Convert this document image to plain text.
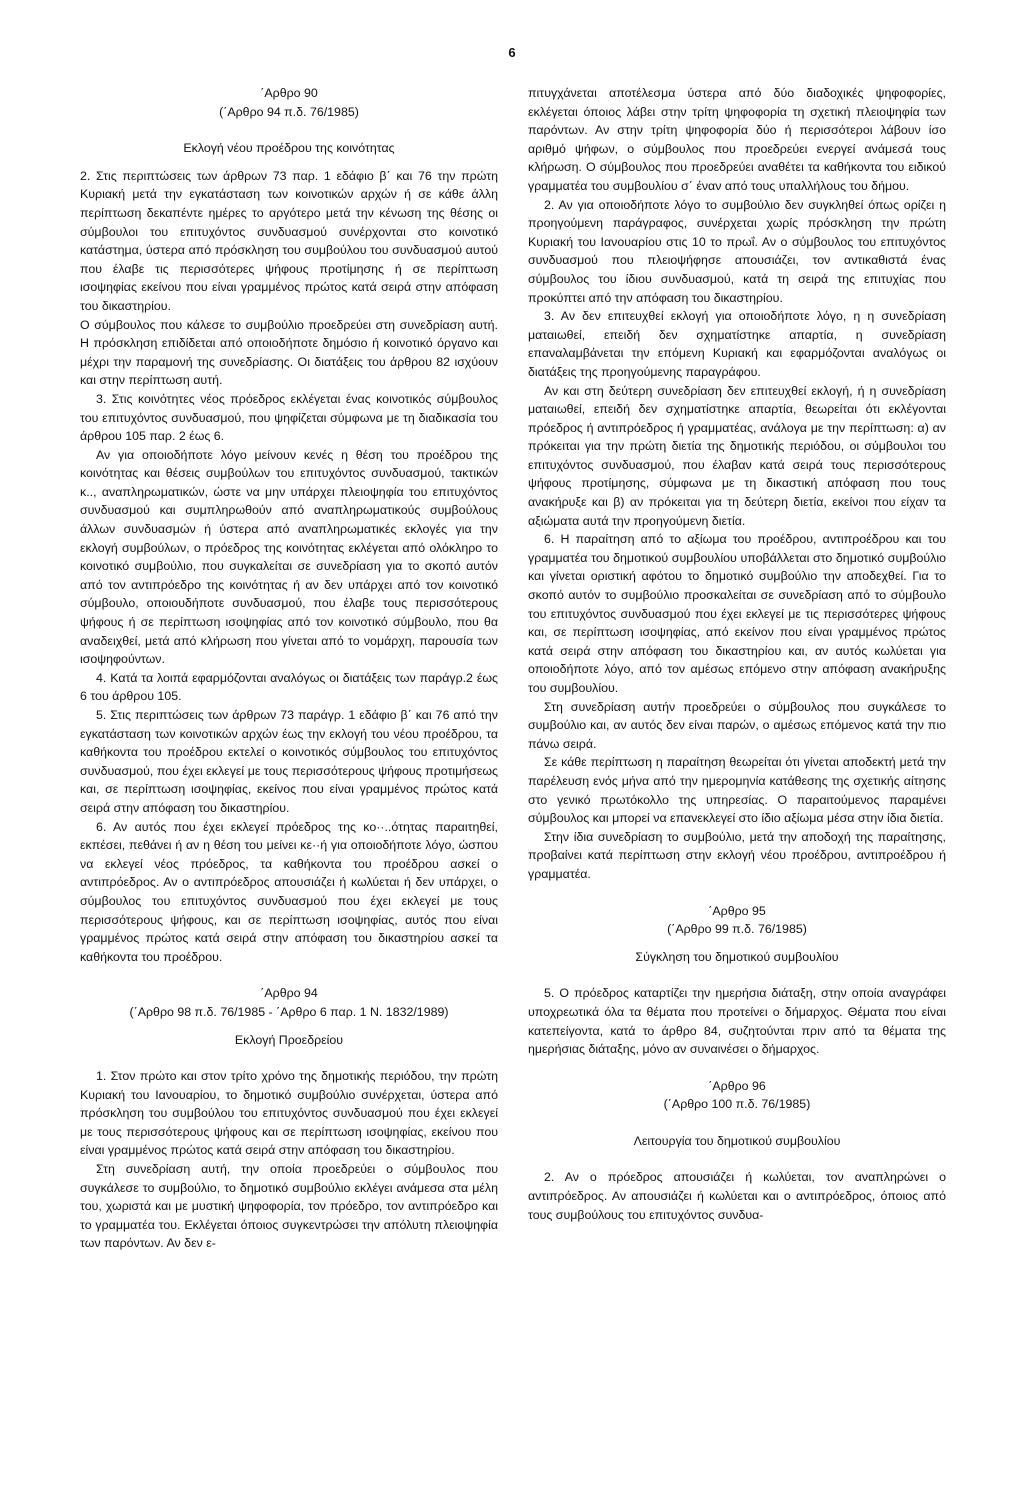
6
΄Αρθρο 90
(΄Αρθρο 94 π.δ. 76/1985)
Εκλογή νέου προέδρου της κοινότητας

2. Στις περιπτώσεις των άρθρων 73 παρ. 1 εδάφιο β΄ και 76 την πρώτη Κυριακή μετά την εγκατάσταση των κοινοτικών αρχών ή σε κάθε άλλη περίπτωση δεκαπέντε ημέρες το αργότερο μετά την κένωση της θέσης οι σύμβουλοι του επιτυχόντος συνδυασμού συνέρχονται στο κοινοτικό κατάστημα, ύστερα από πρόσκληση του συμβούλου του συνδυασμού αυτού που έλαβε τις περισσότερες ψήφους προτίμησης ή σε περίπτωση ισοψηφίας εκείνου που είναι γραμμένος πρώτος κατά σειρά στην απόφαση του δικαστηρίου.

Ο σύμβουλος που κάλεσε το συμβούλιο προεδρεύει στη συνεδρίαση αυτή. Η πρόσκληση επιδίδεται από οποιοδήποτε δημόσιο ή κοινοτικό όργανο και μέχρι την παραμονή της συνεδρίασης. Οι διατάξεις του άρθρου 82 ισχύουν και στην περίπτωση αυτή.

3. Στις κοινότητες νέος πρόεδρος εκλέγεται ένας κοινοτικός σύμβουλος του επιτυχόντος συνδυασμού, που ψηφίζεται σύμφωνα με τη διαδικασία του άρθρου 105 παρ. 2 έως 6.

Αν για οποιοδήποτε λόγο μείνουν κενές η θέση του προέδρου της κοινότητας και θέσεις συμβούλων του επιτυχόντος συνδυασμού, τακτικών κ.., αναπληρωματικών, ώστε να μην υπάρχει πλειοψηφία του επιτυχόντος συνδυασμού και συμπληρωθούν από αναπληρωματικούς συμβούλους άλλων συνδυασμών ή ύστερα από αναπληρωματικές εκλογές για την εκλογή συμβούλων, ο πρόεδρος της κοινότητας εκλέγεται από ολόκληρο το κοινοτικό συμβούλιο, που συγκαλείται σε συνεδρίαση για το σκοπό αυτόν από τον αντιπρόεδρο της κοινότητας ή αν δεν υπάρχει από τον κοινοτικό σύμβουλο, οποιουδήποτε συνδυασμού, που έλαβε τους περισσότερους ψήφους ή σε περίπτωση ισοψηφίας από τον κοινοτικό σύμβουλο, που θα αναδειχθεί, μετά από κλήρωση που γίνεται από το νομάρχη, παρουσία των ισοψηφούντων.

4. Κατά τα λοιπά εφαρμόζονται αναλόγως οι διατάξεις των παράγρ.2 έως 6 του άρθρου 105.

5. Στις περιπτώσεις των άρθρων 73 παράγρ. 1 εδάφιο β΄ και 76 από την εγκατάσταση των κοινοτικών αρχών έως την εκλογή του νέου προέδρου, τα καθήκοντα του προέδρου εκτελεί ο κοινοτικός σύμβουλος του επιτυχόντος συνδυασμού, που έχει εκλεγεί με τους περισσότερους ψήφους προτιμήσεως και, σε περίπτωση ισοψηφίας, εκείνος που είναι γραμμένος πρώτος κατά σειρά στην απόφαση του δικαστηρίου.

6. Αν αυτός που έχει εκλεγεί πρόεδρος της κο··..ότητας παραιτηθεί, εκπέσει, πεθάνει ή αν η θέση του μείνει κε··ή για οποιοδήποτε λόγο, ώσπου να εκλεγεί νέος πρόεδρος, τα καθήκοντα του προέδρου ασκεί ο αντιπρόεδρος. Αν ο αντιπρόεδρος απουσιάζει ή κωλύεται ή δεν υπάρχει, ο σύμβουλος του επιτυχόντος συνδυασμού που έχει εκλεγεί με τους περισσότερους ψήφους, και σε περίπτωση ισοψηφίας, αυτός που είναι γραμμένος πρώτος κατά σειρά στην απόφαση του δικαστηρίου ασκεί τα καθήκοντα του προέδρου.

΄Αρθρο 94
(΄Αρθρο 98 π.δ. 76/1985 - ΄Αρθρο 6 παρ. 1 Ν. 1832/1989)
Εκλογή Προεδρείου

1. Στον πρώτο και στον τρίτο χρόνο της δημοτικής περιόδου, την πρώτη Κυριακή του Ιανουαρίου, το δημοτικό συμβούλιο συνέρχεται, ύστερα από πρόσκληση του συμβούλου του επιτυχόντος συνδυασμού που έχει εκλεγεί με τους περισσότερους ψήφους και σε περίπτωση ισοψηφίας, εκείνου που είναι γραμμένος πρώτος κατά σειρά στην απόφαση του δικαστηρίου.

Στη συνεδρίαση αυτή, την οποία προεδρεύει ο σύμβουλος που συγκάλεσε το συμβούλιο, το δημοτικό συμβούλιο εκλέγει ανάμεσα στα μέλη του, χωριστά και με μυστική ψηφοφορία, τον πρόεδρο, τον αντιπρόεδρο και το γραμματέα του. Εκλέγεται όποιος συγκεντρώσει την απόλυτη πλειοψηφία των παρόντων. Αν δεν ε-

πιτυγχάνεται αποτέλεσμα ύστερα από δύο διαδοχικές ψηφοφορίες, εκλέγεται όποιος λάβει στην τρίτη ψηφοφορία τη σχετική πλειοψηφία των παρόντων. Αν στην τρίτη ψηφοφορία δύο ή περισσότεροι λάβουν ίσο αριθμό ψήφων, ο σύμβουλος που προεδρεύει ενεργεί ανάμεσά τους κλήρωση. Ο σύμβουλος που προεδρεύει αναθέτει τα καθήκοντα του ειδικού γραμματέα του συμβουλίου σ΄ έναν από τους υπαλλήλους του δήμου.

2. Αν για οποιοδήποτε λόγο το συμβούλιο δεν συγκληθεί όπως ορίζει η προηγούμενη παράγραφος, συνέρχεται χωρίς πρόσκληση την πρώτη Κυριακή του Ιανουαρίου στις 10 το πρωΐ. Αν ο σύμβουλος του επιτυχόντος συνδυασμού που πλειοψήφησε απουσιάζει, τον αντικαθιστά ένας σύμβουλος του ίδιου συνδυασμού, κατά τη σειρά της επιτυχίας που προκύπτει από την απόφαση του δικαστηρίου.

3. Αν δεν επιτευχθεί εκλογή για οποιοδήποτε λόγο, η η συνεδρίαση ματαιωθεί, επειδή δεν σχηματίστηκε απαρτία, η συνεδρίαση επαναλαμβάνεται την επόμενη Κυριακή και εφαρμόζονται αναλόγως οι διατάξεις της προηγούμενης παραγράφου.

Αν και στη δεύτερη συνεδρίαση δεν επιτευχθεί εκλογή, ή η συνεδρίαση ματαιωθεί, επειδή δεν σχηματίστηκε απαρτία, θεωρείται ότι εκλέγονται πρόεδρος ή αντιπρόεδρος ή γραμματέας, ανάλογα με την περίπτωση: α) αν πρόκειται για την πρώτη διετία της δημοτικής περιόδου, οι σύμβουλοι του επιτυχόντος συνδυασμού, που έλαβαν κατά σειρά τους περισσότερους ψήφους προτίμησης, σύμφωνα με τη δικαστική απόφαση που τους ανακήρυξε και β) αν πρόκειται για τη δεύτερη διετία, εκείνοι που είχαν τα αξιώματα αυτά την προηγούμενη διετία.

6. Η παραίτηση από το αξίωμα του προέδρου, αντιπροέδρου και του γραμματέα του δημοτικού συμβουλίου υποβάλλεται στο δημοτικό συμβούλιο και γίνεται οριστική αφότου το δημοτικό συμβούλιο την αποδεχθεί. Για το σκοπό αυτόν το συμβούλιο προσκαλείται σε συνεδρίαση από το σύμβουλο του επιτυχόντος συνδυασμού που έχει εκλεγεί με τις περισσότερες ψήφους και, σε περίπτωση ισοψηφίας, από εκείνον που είναι γραμμένος πρώτος κατά σειρά στην απόφαση του δικαστηρίου και, αν αυτός κωλύεται για οποιοδήποτε λόγο, από τον αμέσως επόμενο στην απόφαση ανακήρυξης του συμβουλίου.

Στη συνεδρίαση αυτήν προεδρεύει ο σύμβουλος που συγκάλεσε το συμβούλιο και, αν αυτός δεν είναι παρών, ο αμέσως επόμενος κατά την πιο πάνω σειρά.

Σε κάθε περίπτωση η παραίτηση θεωρείται ότι γίνεται αποδεκτή μετά την παρέλευση ενός μήνα από την ημερομηνία κατάθεσης της σχετικής αίτησης στο γενικό πρωτόκολλο της υπηρεσίας. Ο παραιτούμενος παραμένει σύμβουλος και μπορεί να επανεκλεγεί στο ίδιο αξίωμα μέσα στην ίδια διετία.

Στην ίδια συνεδρίαση το συμβούλιο, μετά την αποδοχή της παραίτησης, προβαίνει κατά περίπτωση στην εκλογή νέου προέδρου, αντιπροέδρου ή γραμματέα.

΄Αρθρο 95
(΄Αρθρο 99 π.δ. 76/1985)
Σύγκληση του δημοτικού συμβουλίου

5. Ο πρόεδρος καταρτίζει την ημερήσια διάταξη, στην οποία αναγράφει υποχρεωτικά όλα τα θέματα που προτείνει ο δήμαρχος. Θέματα που είναι κατεπείγοντα, κατά το άρθρο 84, συζητούνται πριν από τα θέματα της ημερήσιας διάταξης, μόνο αν συναινέσει ο δήμαρχος.

΄Αρθρο 96
(΄Αρθρο 100 π.δ. 76/1985)
Λειτουργία του δημοτικού συμβουλίου

2. Αν ο πρόεδρος απουσιάζει ή κωλύεται, τον αναπληρώνει ο αντιπρόεδρος. Αν απουσιάζει ή κωλύεται και ο αντιπρόεδρος, όποιος από τους συμβούλους του επιτυχόντος συνδυα-
